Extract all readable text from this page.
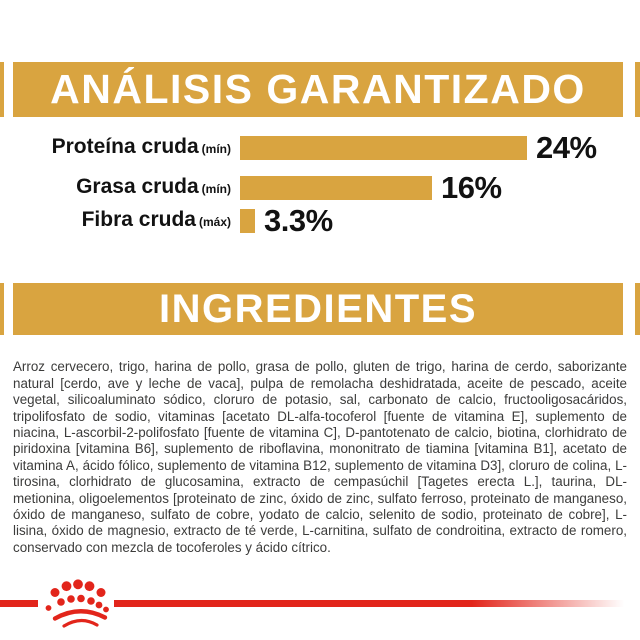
ANÁLISIS GARANTIZADO
Proteína cruda (mín)	24%
Grasa cruda (mín)	16%
Fibra cruda (máx) 3.3%
INGREDIENTES

Arroz cervecero, trigo, harina de pollo, grasa de pollo, gluten de trigo, harina de cerdo, saborizante natural [cerdo, ave y leche de vaca], pulpa de remolacha deshidratada, aceite de pescado, aceite vegetal, silicoaluminato sódico, cloruro de potasio, sal, carbonato de calcio, fructooligosacáridos, tripolifosfato de sodio, vitaminas [acetato DL-alfa-tocoferol [fuente de vitamina E], suplemento de niacina, L-ascorbil-2-polifosfato [fuente de vitamina C], D-pantotenato de calcio, biotina, clorhidrato de piridoxina [vitamina B6], suplemento de riboflavina, mononitrato de tiamina [vitamina B1], acetato de vitamina A, ácido fólico, suplemento de vitamina B12, suplemento de vitamina D3], cloruro de colina, L-tirosina, clorhidrato de glucosamina, extracto de cempasúchil [Tagetes erecta L.], taurina, DL-metionina, oligoelementos [proteinato de zinc, óxido de zinc, sulfato ferroso, proteinato de manganeso, óxido de manganeso, sulfato de cobre, yodato de calcio, selenito de sodio, proteinato de cobre], L-lisina, óxido de magnesio, extracto de té verde, L-carnitina, sulfato de condroitina, extracto de romero, conservado con mezcla de tocoferoles y ácido cítrico.
